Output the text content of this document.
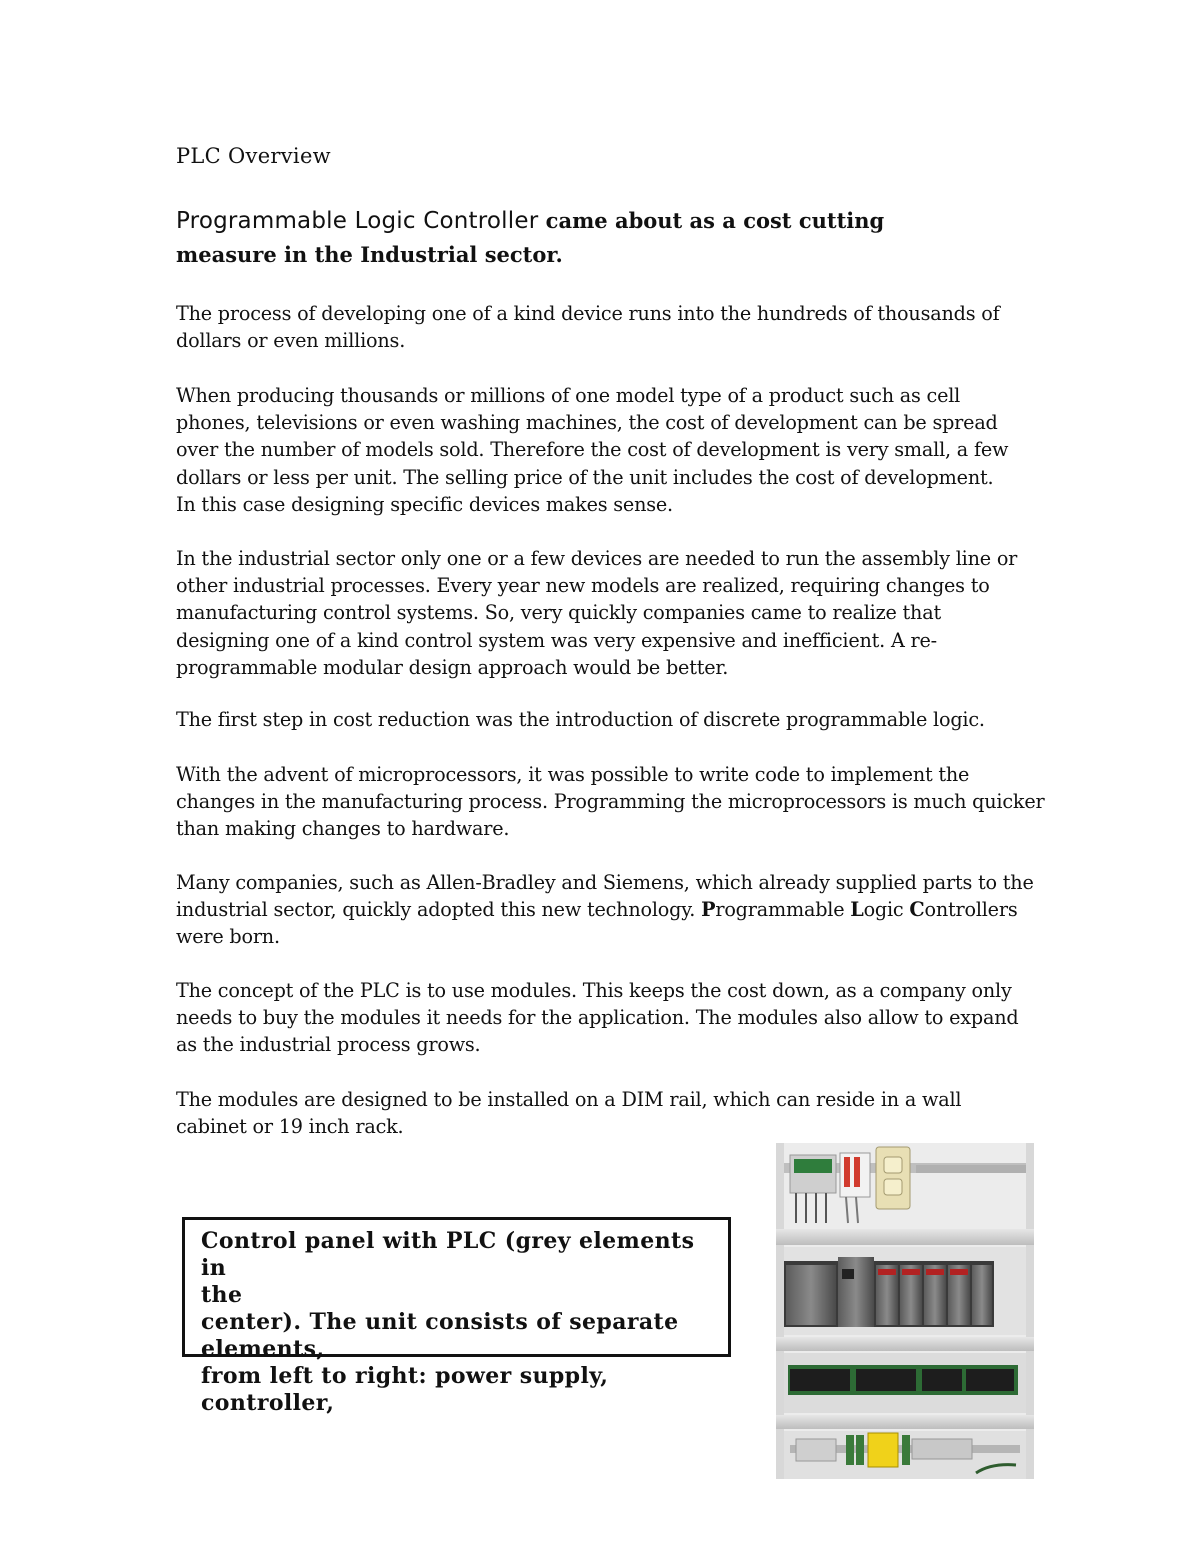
PLC Overview
Programmable Logic Controller came about as a cost cutting
measure in the Industrial sector.

The process of developing one of a kind device runs into the hundreds of thousands of
dollars or even millions.

When producing thousands or millions of one model type of a product such as cell
phones, televisions or even washing machines, the cost of development can be spread
over the number of models sold. Therefore the cost of development is very small, a few
dollars or less per unit. The selling price of the unit includes the cost of development.
In this case designing specific devices makes sense.

In the industrial sector only one or a few devices are needed to run the assembly line or
other industrial processes. Every year new models are realized, requiring changes to
manufacturing control systems. So, very quickly companies came to realize that
designing one of a kind control system was very expensive and inefficient. A re-
programmable modular design approach would be better.

The first step in cost reduction was the introduction of discrete programmable logic.

With the advent of microprocessors, it was possible to write code to implement the
changes in the manufacturing process. Programming the microprocessors is much quicker
than making changes to hardware.

Many companies, such as Allen-Bradley and Siemens, which already supplied parts to the
industrial sector, quickly adopted this new technology. Programmable Logic Controllers
were born.

The concept of the PLC is to use modules. This keeps the cost down, as a company only
needs to buy the modules it needs for the application. The modules also allow to expand
as the industrial process grows.

The modules are designed to be installed on a DIM rail, which can reside in a wall
cabinet or 19 inch rack.

Control panel with PLC (grey elements in
the
center). The unit consists of separate
elements,
from left to right: power supply, controller,
